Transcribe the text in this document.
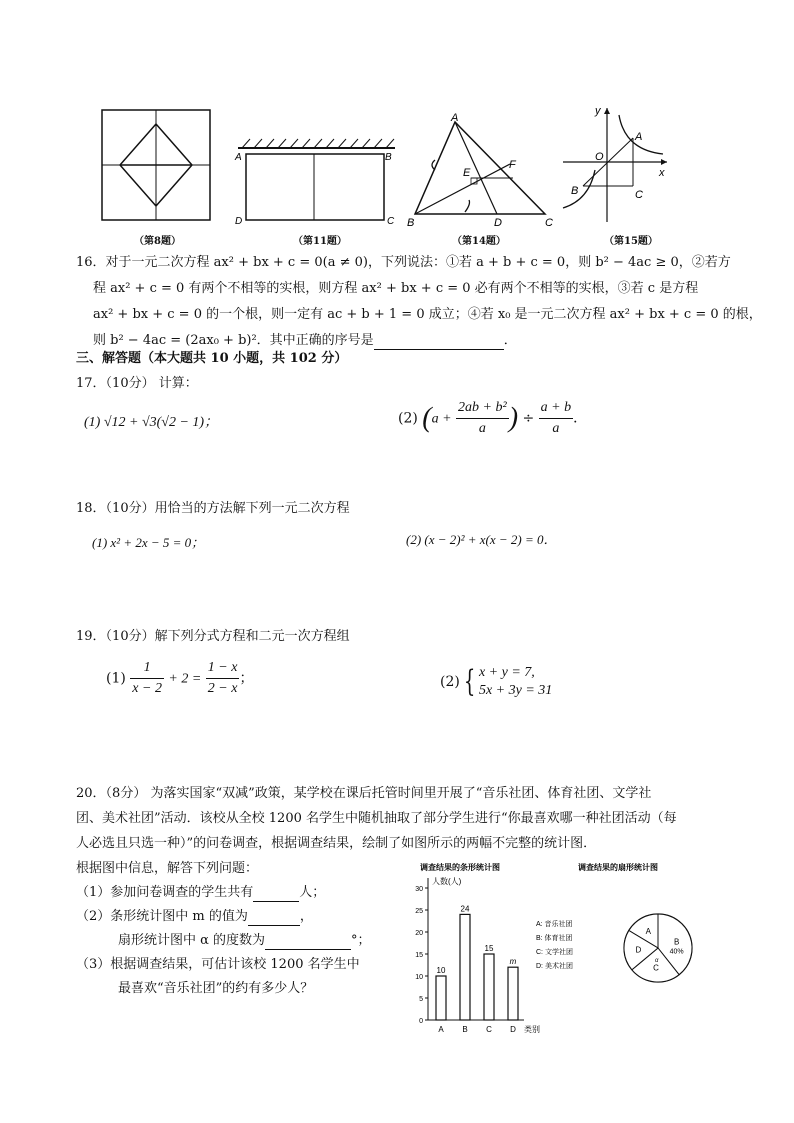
（第8题）
A	B
D	C
（第11题）
A
B	C
D
E
F
（第14题）
y
x
O
A
B	C
（第15题）
16．对于一元二次方程 ax² + bx + c = 0(a ≠ 0)，下列说法：①若 a + b + c = 0，则 b² − 4ac ≥ 0，②若方
程 ax² + c = 0 有两个不相等的实根，则方程 ax² + bx + c = 0 必有两个不相等的实根，③若 c 是方程
ax² + bx + c = 0 的一个根，则一定有 ac + b + 1 = 0 成立；④若 x₀ 是一元二次方程 ax² + bx + c = 0 的根，
则 b² − 4ac = (2ax₀ + b)²．其中正确的序号是	．
三、解答题（本大题共 10 小题，共 102 分）
17．（10分） 计算：
(1) √12 + √3(√2 − 1)；	(2) ($a + \frac{\text{2ab + b²}}{a}$ ) ÷ $\frac{a + b}{a}$ ．
18．（10分）用恰当的方法解下列一元二次方程
(1) x² + 2x − 5 = 0；	(2) (x − 2)² + x(x − 2) = 0．
19．（10分）解下列分式方程和二元一次方程组
$(1) \frac{1}{x - 2} + 2 = \frac{1 - x}{2 - x}$ ；	(2) { x + y = 7,
5x + 3y = 31
20．（8分） 为落实国家“双减”政策，某学校在课后托管时间里开展了“音乐社团、体育社团、文学社
团、美术社团”活动．该校从全校 1200 名学生中随机抽取了部分学生进行“你最喜欢哪一种社团活动（每
人必选且只选一种）”的问卷调查，根据调查结果，绘制了如图所示的两幅不完整的统计图．
根据图中信息，解答下列问题：
（1）参加问卷调查的学生共有	人；
（2）条形统计图中 m 的值为	，
扇形统计图中 α 的度数为	°；
（3）根据调查结果，可估计该校 1200 名学生中
最喜欢“音乐社团”的约有多少人？
调查结果的条形统计图
人数(人)
类别
0
5
10
15
20
25
30
10
A
24
B
15
C
m
D
A: 音乐社团
B: 体育社团
C: 文学社团
D: 美术社团
调查结果的扇形统计图
A
B
40%
C
α
D
